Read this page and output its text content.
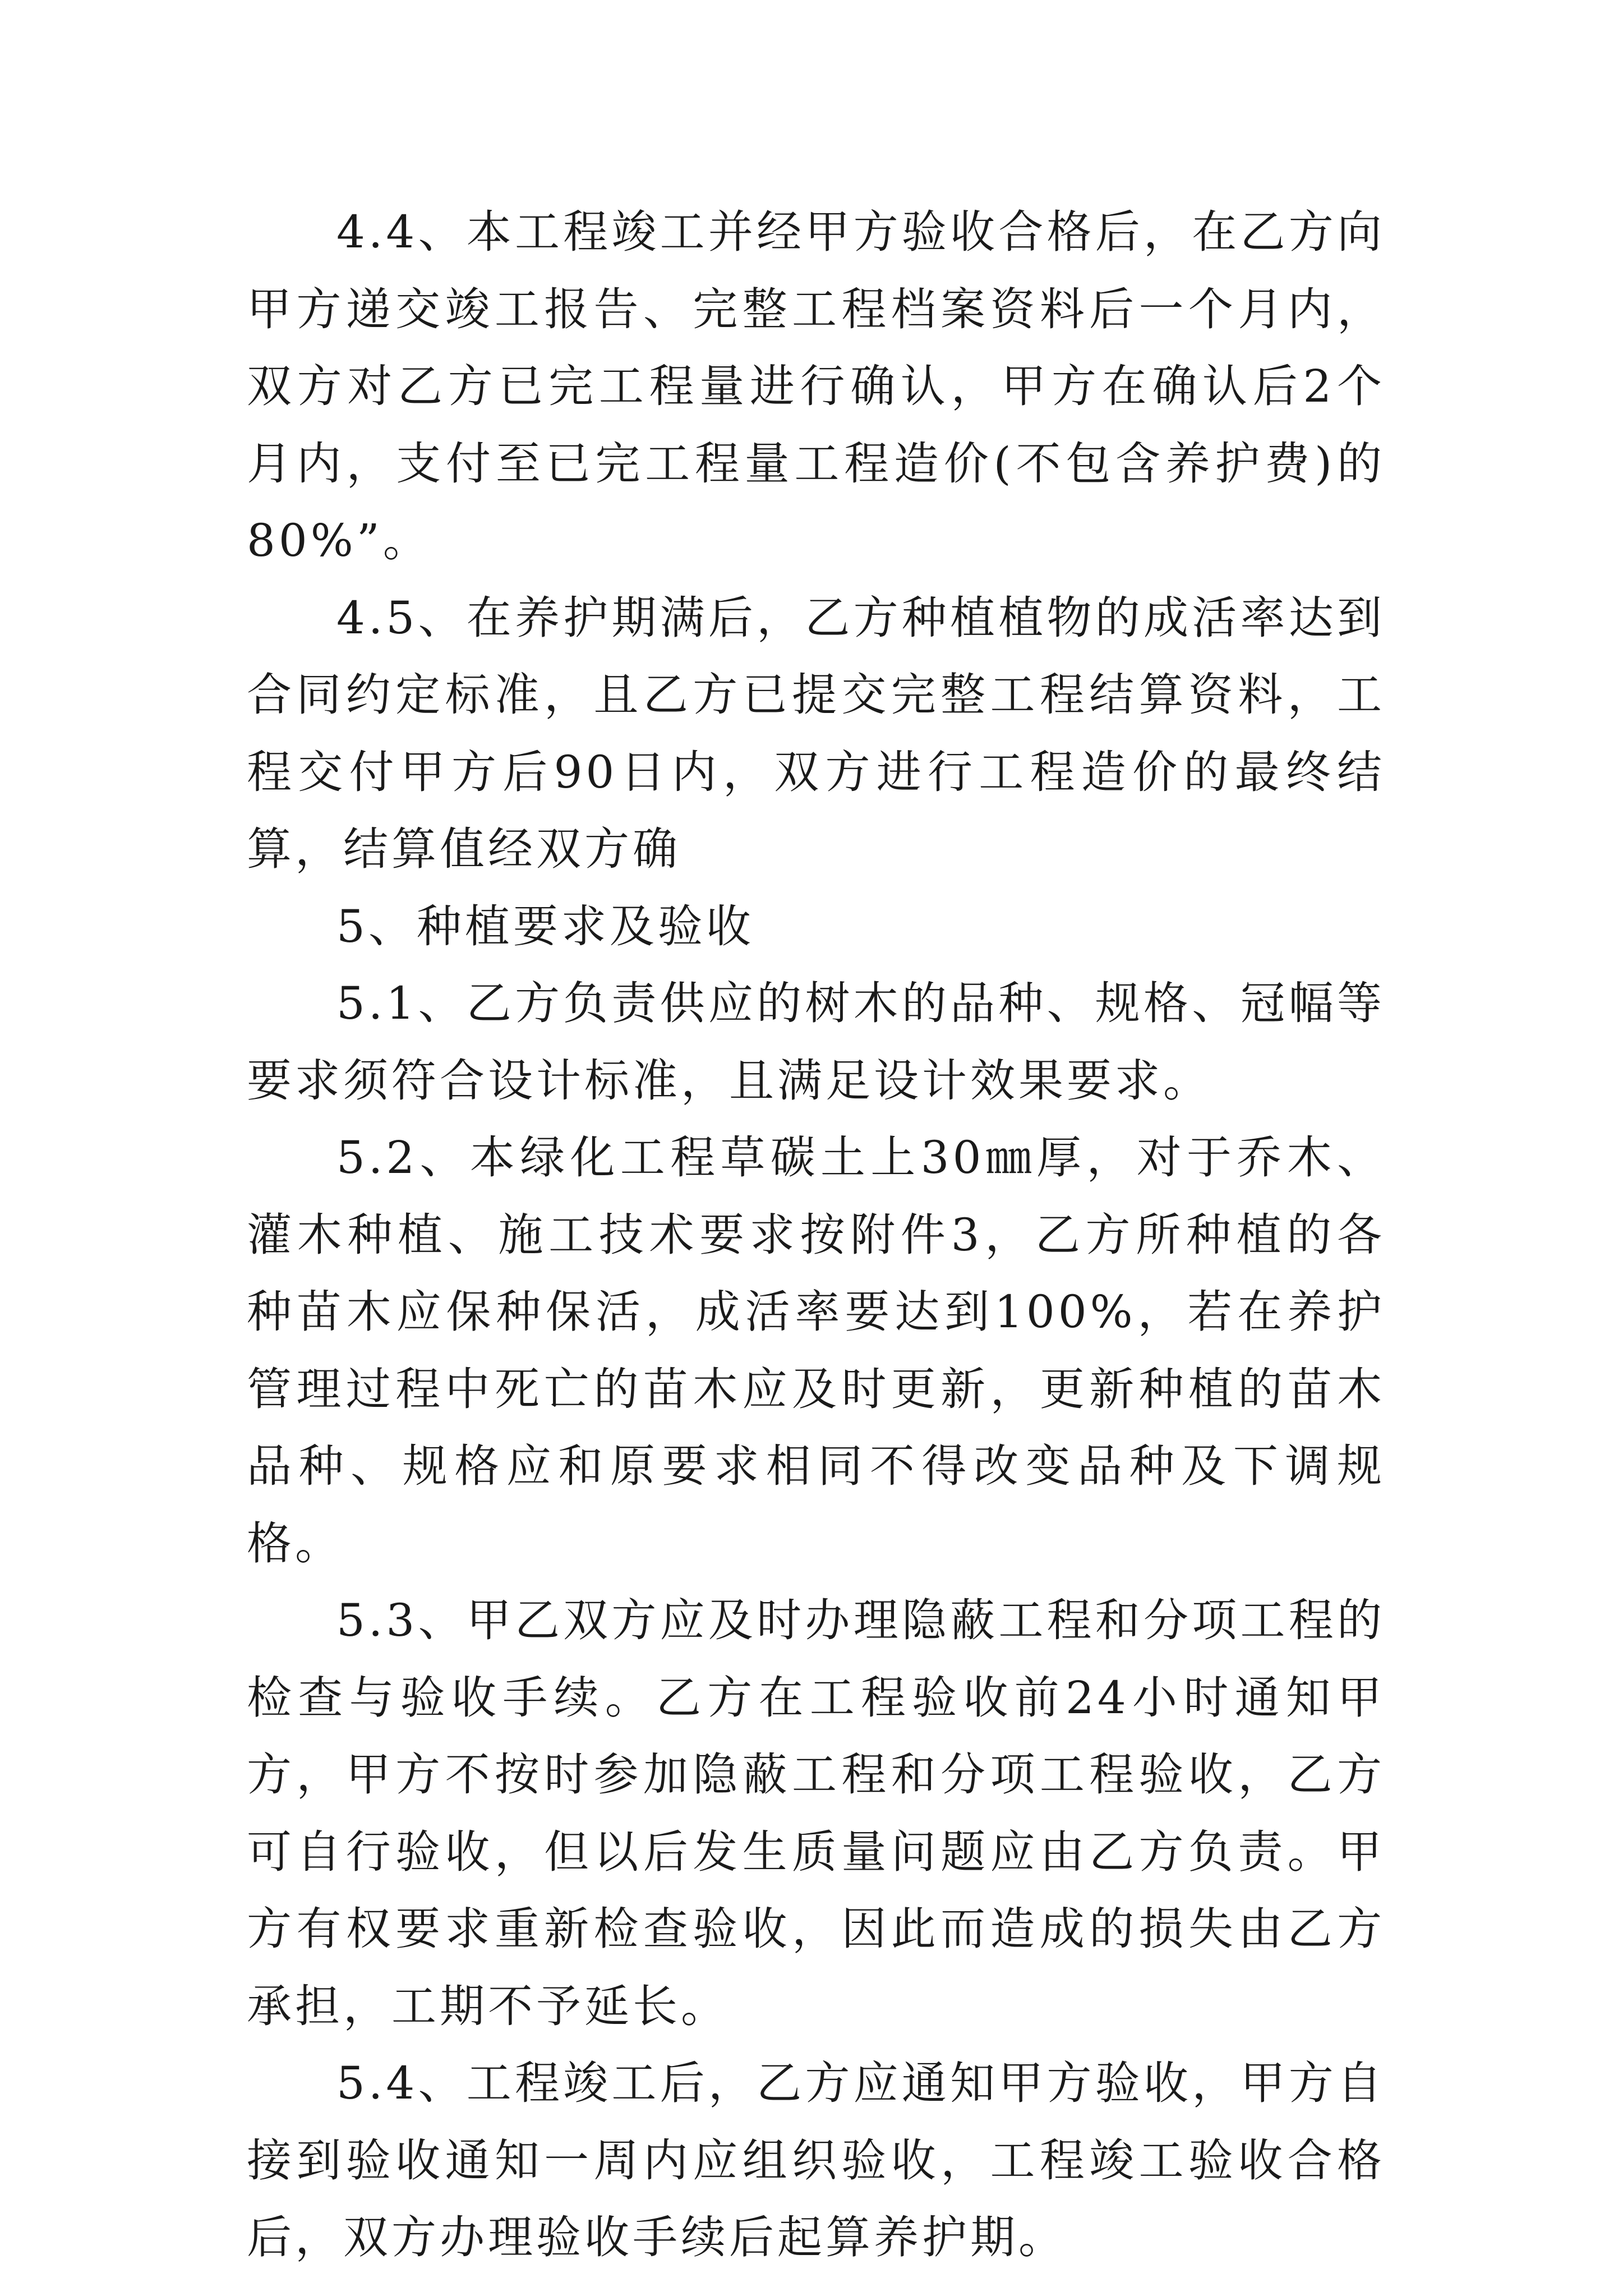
4.4、本工程竣工并经甲方验收合格后，在乙方向甲方递交竣工报告、完整工程档案资料后一个月内，双方对乙方已完工程量进行确认，甲方在确认后2个月内，支付至已完工程量工程造价(不包含养护费)的80%”。

4.5、在养护期满后，乙方种植植物的成活率达到合同约定标准，且乙方已提交完整工程结算资料，工程交付甲方后90日内，双方进行工程造价的最终结算，结算值经双方确

5、种植要求及验收

5.1、乙方负责供应的树木的品种、规格、冠幅等要求须符合设计标准，且满足设计效果要求。

5.2、本绿化工程草碳土上30㎜厚，对于乔木、灌木种植、施工技术要求按附件3，乙方所种植的各种苗木应保种保活，成活率要达到100%，若在养护管理过程中死亡的苗木应及时更新，更新种植的苗木品种、规格应和原要求相同不得改变品种及下调规格。

5.3、甲乙双方应及时办理隐蔽工程和分项工程的检查与验收手续。乙方在工程验收前24小时通知甲方，甲方不按时参加隐蔽工程和分项工程验收，乙方可自行验收，但以后发生质量问题应由乙方负责。甲方有权要求重新检查验收，因此而造成的损失由乙方承担，工期不予延长。

5.4、工程竣工后，乙方应通知甲方验收，甲方自接到验收通知一周内应组织验收，工程竣工验收合格后，双方办理验收手续后起算养护期。
